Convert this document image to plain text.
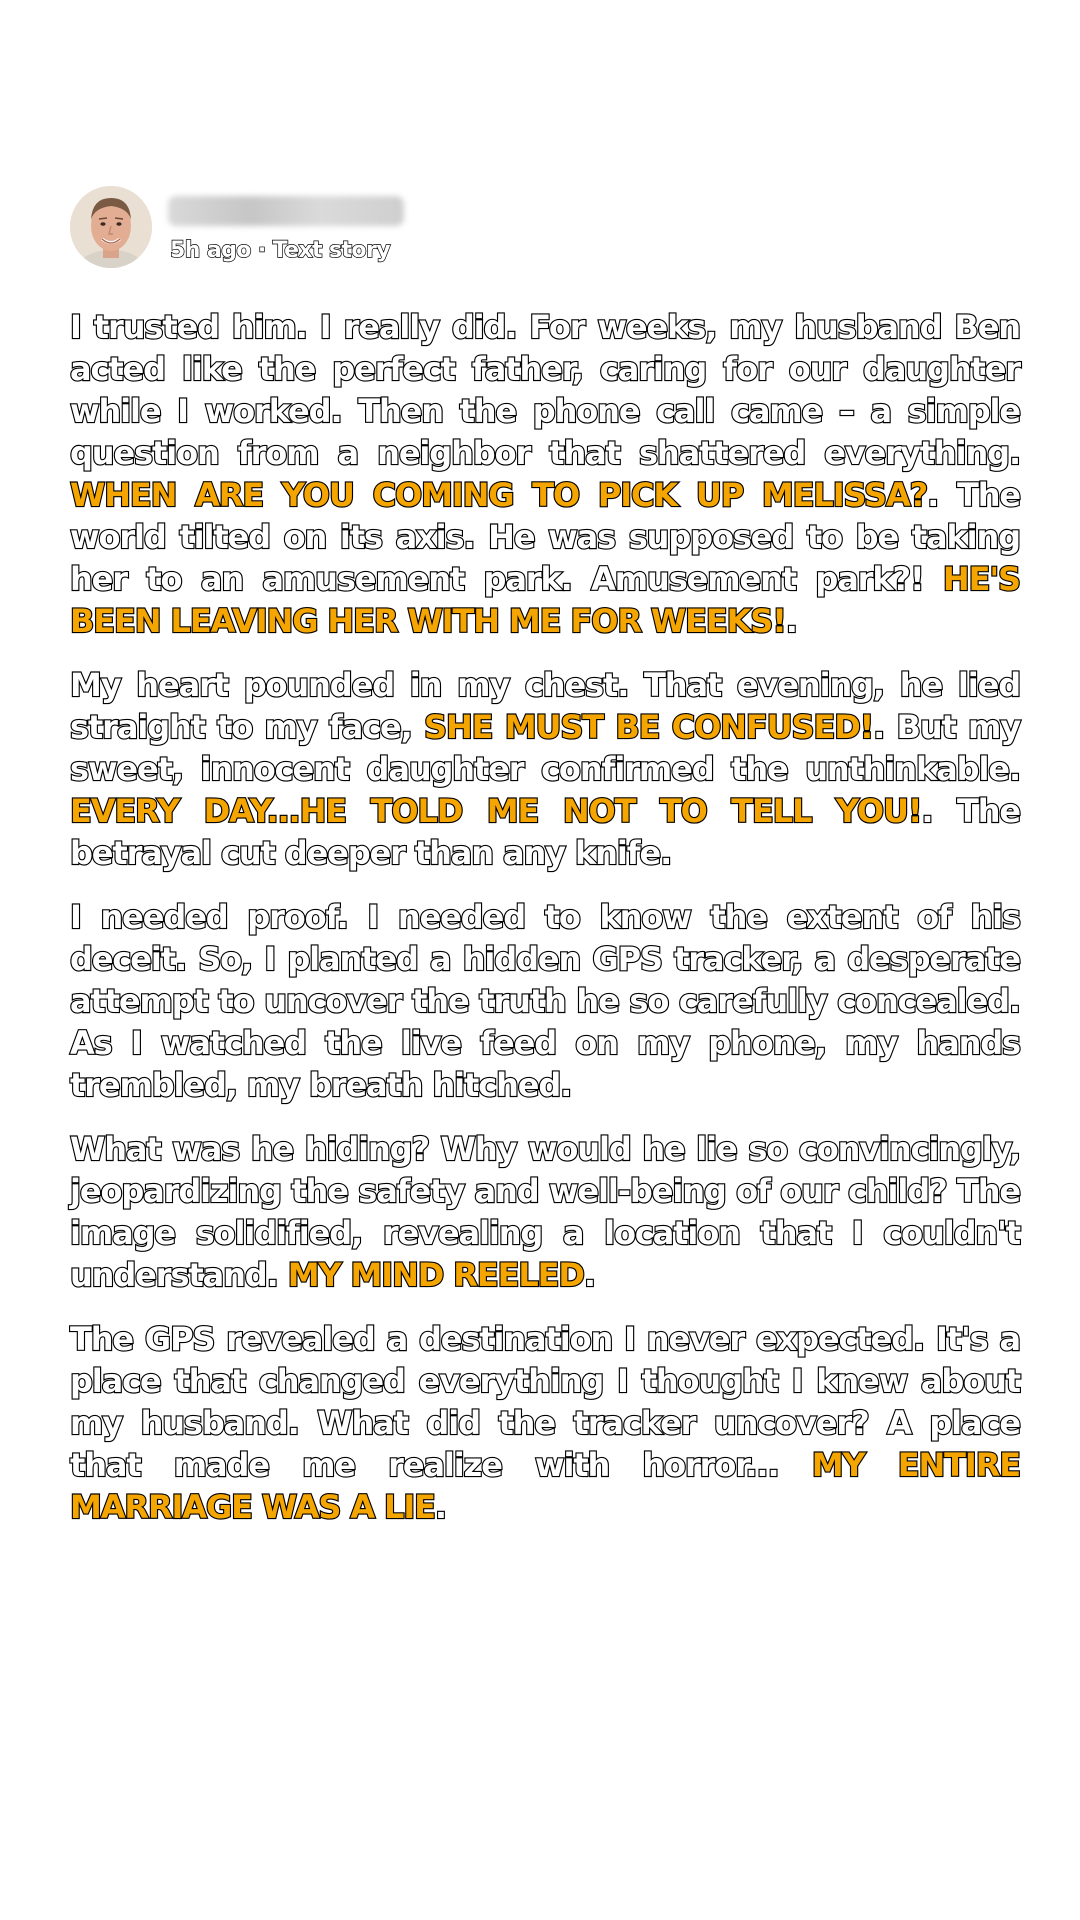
5h ago · Text story

I trusted him. I really did. For weeks, my husband Ben acted like the perfect father, caring for our daughter while I worked. Then the phone call came – a simple question from a neighbor that shattered everything. WHEN ARE YOU COMING TO PICK UP MELISSA?. The world tilted on its axis. He was supposed to be taking her to an amusement park. Amusement park?! HE'S BEEN LEAVING HER WITH ME FOR WEEKS!.

My heart pounded in my chest. That evening, he lied straight to my face, SHE MUST BE CONFUSED!. But my sweet, innocent daughter confirmed the unthinkable. EVERY DAY...HE TOLD ME NOT TO TELL YOU!. The betrayal cut deeper than any knife.

I needed proof. I needed to know the extent of his deceit. So, I planted a hidden GPS tracker, a desperate attempt to uncover the truth he so carefully concealed. As I watched the live feed on my phone, my hands trembled, my breath hitched.

What was he hiding? Why would he lie so convincingly, jeopardizing the safety and well-being of our child? The image solidified, revealing a location that I couldn't understand. MY MIND REELED.

The GPS revealed a destination I never expected. It's a place that changed everything I thought I knew about my husband. What did the tracker uncover? A place that made me realize with horror... MY ENTIRE MARRIAGE WAS A LIE.
